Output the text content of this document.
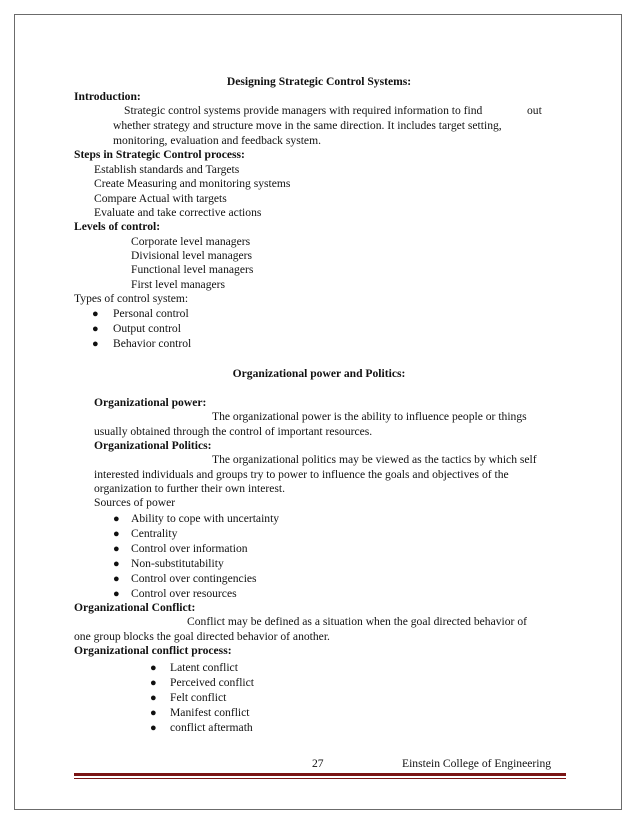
Designing Strategic Control Systems:
Introduction:
Strategic control systems provide managers with required information to find	out
whether strategy and structure move in the same direction. It includes target setting,
monitoring, evaluation and feedback system.
Steps in Strategic Control process:
Establish standards and Targets
Create Measuring and monitoring systems
Compare Actual with targets
Evaluate and take corrective actions
Levels of control:
Corporate level managers
Divisional level managers
Functional level managers
First level managers
Types of control system:
● Personal control
● Output control
● Behavior control
Organizational power and Politics:
Organizational power:
The organizational power is the ability to influence people or things
usually obtained through the control of important resources.
Organizational Politics:
The organizational politics may be viewed as the tactics by which self
interested individuals and groups try to power to influence the goals and objectives of the
organization to further their own interest.
Sources of power
● Ability to cope with uncertainty
● Centrality
● Control over information
● Non-substitutability
● Control over contingencies
● Control over resources
Organizational Conflict:
Conflict may be defined as a situation when the goal directed behavior of
one group blocks the goal directed behavior of another.
Organizational conflict process:
● Latent conflict
● Perceived conflict
● Felt conflict
● Manifest conflict
● conflict aftermath
27	Einstein College of Engineering
